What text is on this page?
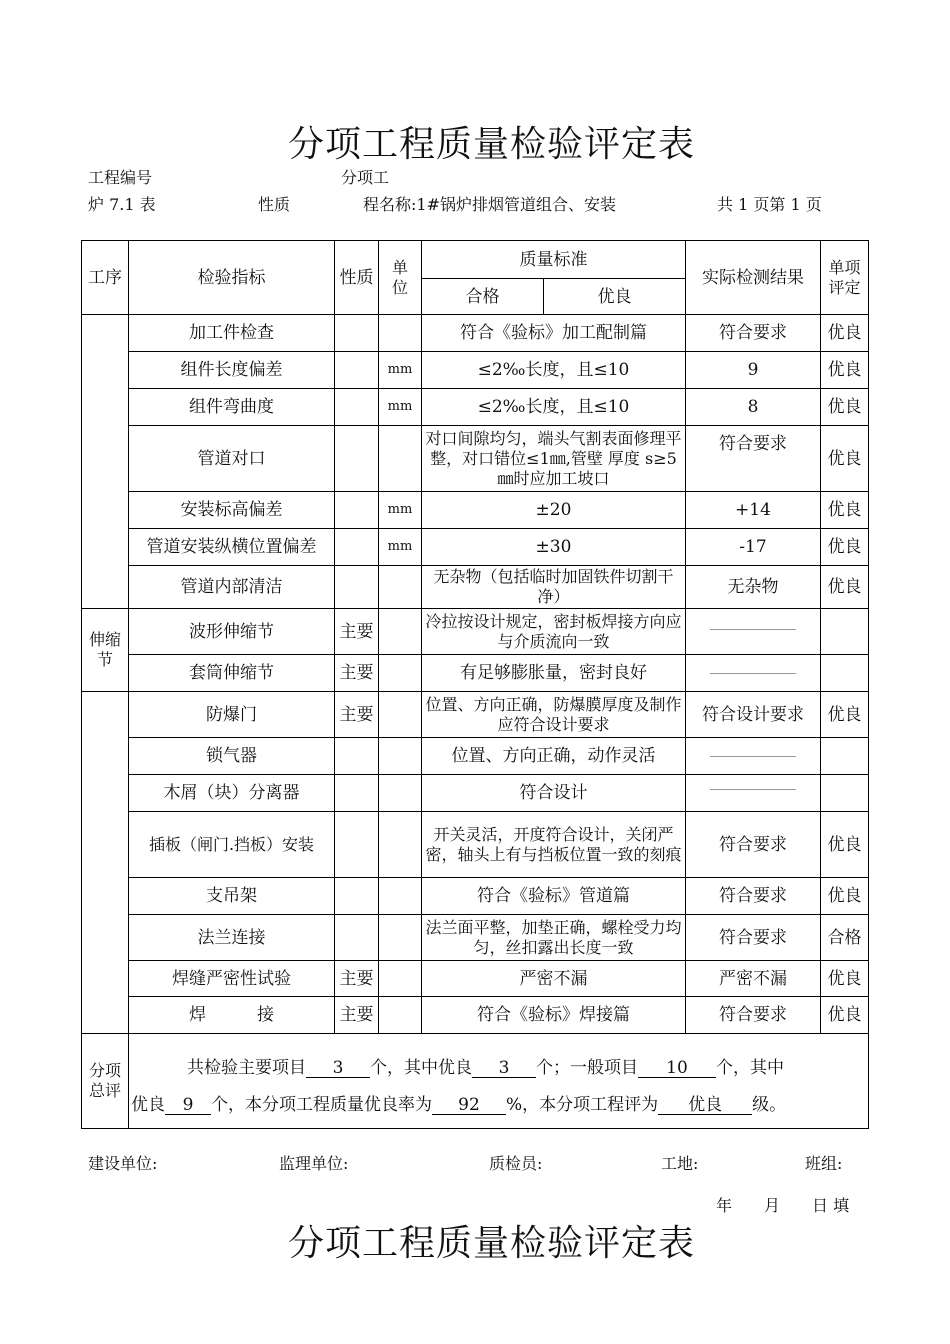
分项工程质量检验评定表
工程编号	分项工
炉 7.1 表	性质	程名称:1#锅炉排烟管道组合、安装	共 1 页第 1 页
工序	检验指标	性质	单位	质量标准		实际检测结果	单项评定
				合格	优良		
	加工件检查			符合《验标》加工配制篇		符合要求	优良
	组件长度偏差		mm	≤2‰长度，且≤10		9	优良
	组件弯曲度		mm	≤2‰长度，且≤10		8	优良
	管道对口			对口间隙均匀，端头气割表面修理平整，对口错位≤1㎜,管壁 厚度 s≥5㎜时应加工坡口		符合要求	优良
	安装标高偏差		mm	±20		+14	优良
	管道安装纵横位置偏差		mm	±30		-17	优良
	管道内部清洁			无杂物（包括临时加固铁件切割干净）		无杂物	优良
伸缩节	波形伸缩节	主要		冷拉按设计规定，密封板焊接方向应与介质流向一致			
	套筒伸缩节	主要		有足够膨胀量，密封良好			
	防爆门	主要		位置、方向正确，防爆膜厚度及制作应符合设计要求		符合设计要求	优良
	锁气器			位置、方向正确，动作灵活			
	木屑（块）分离器			符合设计			
	插板（闸门.挡板）安装			开关灵活，开度符合设计，关闭严密，轴头上有与挡板位置一致的刻痕		符合要求	优良
	支吊架			符合《验标》管道篇		符合要求	优良
	法兰连接			法兰面平整，加垫正确，螺栓受力均匀，丝扣露出长度一致		符合要求	合格
	焊缝严密性试验	主要		严密不漏		严密不漏	优良
	焊　　　接	主要		符合《验标》焊接篇		符合要求	优良
分项总评	共检验主要项目 3 个，其中优良 3 个；一般项目 10 个，其中
优良 9 个，本分项工程质量优良率为 92 %，本分项工程评为 优良 级。						
建设单位:	监理单位:	质检员:	工地:	班组:
年　　月　　日 填
分项工程质量检验评定表
